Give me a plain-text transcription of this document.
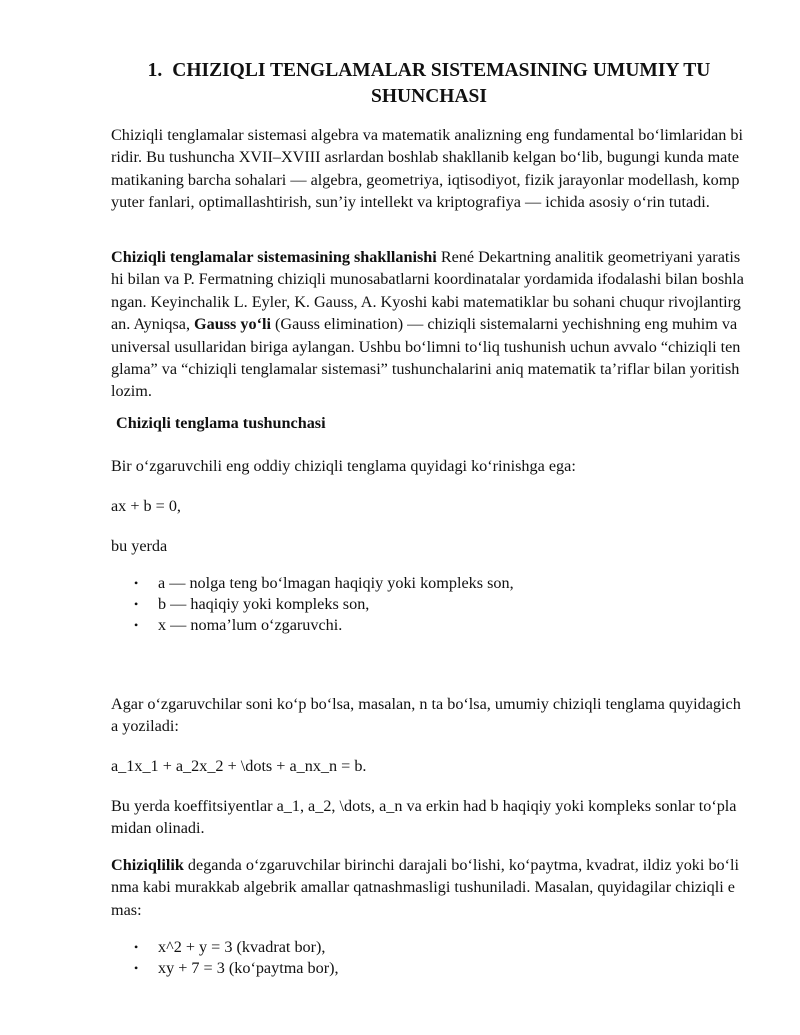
1. CHIZIQLI TENGLAMALAR SISTEMASINING UMUMIY TU
SHUNCHASI

Chiziqli tenglamalar sistemasi algebra va matematik analizning eng fundamental bo‘limlaridan biridir. Bu tushuncha XVII–XVIII asrlardan boshlab shakllanib kelgan bo‘lib, bugungi kunda matematikaning barcha sohalari — algebra, geometriya, iqtisodiyot, fizik jarayonlar modellash, kompyuter fanlari, optimallashtirish, sun’iy intellekt va kriptografiya — ichida asosiy o‘rin tutadi.

Chiziqli tenglamalar sistemasining shakllanishi René Dekartning analitik geometriyani yaratishi bilan va P. Fermatning chiziqli munosabatlarni koordinatalar yordamida ifodalashi bilan boshlangan. Keyinchalik L. Eyler, K. Gauss, A. Kyoshi kabi matematiklar bu sohani chuqur rivojlantirgan. Ayniqsa, Gauss yo‘li (Gauss elimination) — chiziqli sistemalarni yechishning eng muhim va universal usullaridan biriga aylangan. Ushbu bo‘limni to‘liq tushunish uchun avvalo “chiziqli tenglama” va “chiziqli tenglamalar sistemasi” tushunchalarini aniq matematik ta’riflar bilan yoritish lozim.

Chiziqli tenglama tushunchasi

Bir o‘zgaruvchili eng oddiy chiziqli tenglama quyidagi ko‘rinishga ega:

ax + b = 0,

bu yerda

• a — nolga teng bo‘lmagan haqiqiy yoki kompleks son,
• b — haqiqiy yoki kompleks son,
• x — noma’lum o‘zgaruvchi.

Agar o‘zgaruvchilar soni ko‘p bo‘lsa, masalan, n ta bo‘lsa, umumiy chiziqli tenglama quyidagicha yoziladi:

a_1x_1 + a_2x_2 + \dots + a_nx_n = b.

Bu yerda koeffitsiyentlar a_1, a_2, \dots, a_n va erkin had b haqiqiy yoki kompleks sonlar to‘plamidan olinadi.

Chiziqlilik deganda o‘zgaruvchilar birinchi darajali bo‘lishi, ko‘paytma, kvadrat, ildiz yoki bo‘linma kabi murakkab algebrik amallar qatnashmasligi tushuniladi. Masalan, quyidagilar chiziqli emas:

• x^2 + y = 3 (kvadrat bor),
• xy + 7 = 3 (ko‘paytma bor),
